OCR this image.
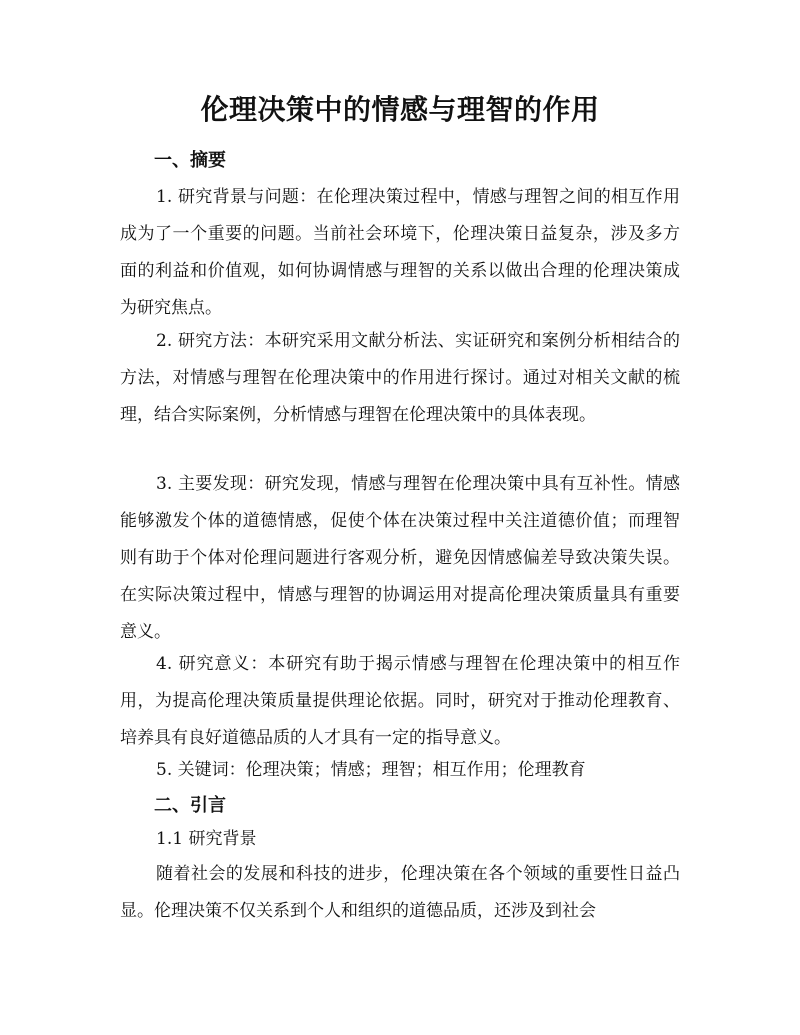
伦理决策中的情感与理智的作用
一、摘要
1. 研究背景与问题：在伦理决策过程中，情感与理智之间的相互作用成为了一个重要的问题。当前社会环境下，伦理决策日益复杂，涉及多方面的利益和价值观，如何协调情感与理智的关系以做出合理的伦理决策成为研究焦点。
2. 研究方法：本研究采用文献分析法、实证研究和案例分析相结合的方法，对情感与理智在伦理决策中的作用进行探讨。通过对相关文献的梳理，结合实际案例，分析情感与理智在伦理决策中的具体表现。
3. 主要发现：研究发现，情感与理智在伦理决策中具有互补性。情感能够激发个体的道德情感，促使个体在决策过程中关注道德价值；而理智则有助于个体对伦理问题进行客观分析，避免因情感偏差导致决策失误。在实际决策过程中，情感与理智的协调运用对提高伦理决策质量具有重要意义。
4. 研究意义：本研究有助于揭示情感与理智在伦理决策中的相互作用，为提高伦理决策质量提供理论依据。同时，研究对于推动伦理教育、培养具有良好道德品质的人才具有一定的指导意义。
5. 关键词：伦理决策；情感；理智；相互作用；伦理教育
二、引言
1.1 研究背景
随着社会的发展和科技的进步，伦理决策在各个领域的重要性日益凸显。伦理决策不仅关系到个人和组织的道德品质，还涉及到社会
